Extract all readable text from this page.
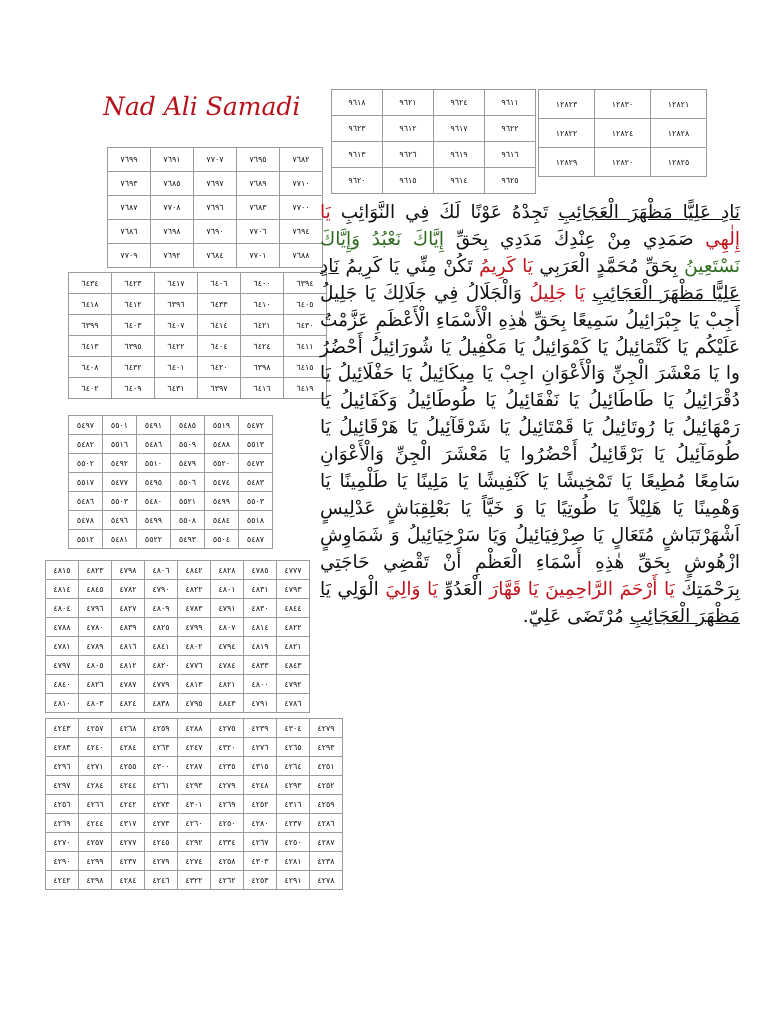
Nad Ali Samadi	٩٦١٨	٩٦٢١	٩٦٢٤	٩٦١١
٩٦٢٣	٩٦١٢	٩٦١٧	٩٦٢٢
٩٦١٣	٩٦٢٦	٩٦١٩	٩٦١٦
٩٦٢٠	٩٦١٥	٩٦١٤	٩٦٢٥
١٢٨٢٣	١٢٨٣٠	١٢٨٢١
١٢٨٢٢	١٢٨٢٤	١٢٨٢٨
١٢٨٢٩	١٢٨٢٠	١٢٨٢٥
٧٦٩٩	٧٦٩١	٧٧٠٧	٧٦٩٥	٧٦٨٢
٧٦٩٣	٧٦٨٥	٧٦٩٧	٧٦٨٩	٧٧١٠
٧٦٨٧	٧٧٠٨	٧٦٩٦	٧٦٨٣	٧٧٠٠
٧٦٨٦	٧٦٩٨	٧٦٩٠	٧٧٠٦	٧٦٩٤
٧٧٠٩	٧٦٩٢	٧٦٨٤	٧٧٠١	٧٦٨٨
٦٤٣٤	٦٤٢٣	٦٤١٧	٦٤٠٦	٦٤٠٠	٦٣٩٤
٦٤١٨	٦٤١٢	٦٣٩٦	٦٤٣٣	٦٤١٠	٦٤٠٥
٦٣٩٩	٦٤٠٣	٦٤٠٧	٦٤١٤	٦٤٢١	٦٤٣٠
٦٤١٣	٦٣٩٥	٦٤٢٢	٦٤٠٤	٦٤٢٤	٦٤١١
٦٤٠٨	٦٤٣٢	٦٤٠١	٦٤٢٠	٦٣٩٨	٦٤١٥
٦٤٠٢	٦٤٠٩	٦٤٣١	٦٣٩٧	٦٤١٦	٦٤١٩
٥٤٩٧	٥٥٠١	٥٤٩١	٥٤٨٥	٥٥١٩	٥٤٧٢
٥٤٨٢	٥٥١٦	٥٤٨٦	٥٥٠٩	٥٤٨٨	٥٥١٣
٥٥٠٢	٥٤٩٢	٥٥١٠	٥٤٧٩	٥٥٢٠	٥٤٧٣
٥٥١٧	٥٤٧٧	٥٤٩٥	٥٥٠٦	٥٤٧٤	٥٤٨٣
٥٤٨٦	٥٥٠٣	٥٤٨٠	٥٥٢١	٥٤٩٩	٥٥٠٣
٥٤٧٨	٥٤٩٦	٥٤٩٩	٥٥٠٨	٥٤٨٤	٥٥١٨
٥٥١٢	٥٤٨١	٥٥٢٢	٥٤٩٣	٥٥٠٤	٥٤٨٧
٤٨١٥	٤٨٢٣	٤٧٩٨	٤٨٠٦	٤٨٤٢	٤٨٢٨	٤٧٨٥	٤٧٧٧
٤٨١٤	٤٨٤٥	٤٧٨٢	٤٧٩٠	٤٨٢٢	٤٨٠١	٤٨٣١	٤٧٩٣
٤٨٠٤	٤٧٩٦	٤٨٢٧	٤٨٠٩	٤٧٨٣	٤٧٩١	٤٨٣٠	٤٨٤٤
٤٧٨٨	٤٧٨٠	٤٨٣٩	٤٨٢٥	٤٧٩٩	٤٨٠٧	٤٨١٤	٤٨٢٢
٤٧٨١	٤٧٨٩	٤٨١٦	٤٨٤١	٤٨٠٢	٤٧٩٤	٤٨١٩	٤٨٢١
٤٧٩٧	٤٨٠٥	٤٨١٢	٤٨٢٠	٤٧٧٦	٤٧٨٤	٤٨٣٣	٤٨٤٣
٤٨٤٠	٤٨٢٦	٤٧٨٧	٤٧٧٩	٤٨١٣	٤٨٢١	٤٨٠٠	٤٧٩٢
٤٨١٠	٤٨٠٣	٤٨٢٤	٤٨٣٨	٤٧٩٥	٤٨٤٣	٤٧٩١	٤٧٨٦
٤٢٤٣	٤٢٥٧	٤٢٦٨	٤٢٥٩	٤٢٨٨	٤٢٧٥	٤٢٣٩	٤٣٠٤	٤٢٧٩
٤٢٨٣	٤٢٤٠	٤٢٨٤	٤٢٦٣	٤٢٤٧	٤٣٢٠	٤٢٧٦	٤٢٦٥	٤٢٩٣
٤٢٩٦	٤٢٧١	٤٢٥٥	٤٣٠٠	٤٢٨٧	٤٢٣٥	٤٣١٥	٤٢٦٤	٤٢٥١
٤٢٩٧	٤٢٨٤	٤٢٤٤	٤٢٦١	٤٢٩٣	٤٢٧٩	٤٢٤٨	٤٢٩٣	٤٢٥٢
٤٢٥٦	٤٢٦٦	٤٢٤٢	٤٢٧٣	٤٣٠١	٤٢٦٩	٤٢٥٢	٤٣١٦	٤٢٥٩
٤٢٦٩	٤٢٤٤	٤٣١٧	٤٢٧٣	٤٢٦٠	٤٢٥٠	٤٢٨٠	٤٢٣٧	٤٢٨٦
٤٢٧٠	٤٢٥٧	٤٢٧٧	٤٢٤٥	٤٢٩٢	٤٣٣٤	٤٢٦٧	٤٢٥٠	٤٢٨٧
٤٢٩٠	٤٢٩٩	٤٢٣٧	٤٢٧٩	٤٢٧٤	٤٢٥٨	٤٣٠٣	٤٢٨١	٤٢٣٨
٤٢٤٢	٤٢٩٨	٤٢٨٤	٤٢٤٦	٤٣٢٢	٤٢٦٢	٤٢٥٣	٤٢٩١	٤٢٧٨
نَادِ عَلِيًّا مَظْهَرَ الْعَجَائِبِ تَجِدْهُ عَوْنًا لَكَ فِي النَّوَائِبِ يَا إِلٰهِي صَمَدِي مِنْ عِنْدِكَ مَدَدِي بِحَقِّ إِيَّاكَ نَعْبُدُ وَإِيَّاكَ نَسْتَعِينُ بِحَقِّ مُحَمَّدٍ الْعَرَبِي يَا كَرِيمُ تَكُنْ مِنِّي يَا كَرِيمُ نَادِ عَلِيًّا مَظْهَرَ الْعَجَائِبِ يَا جَلِيلُ وَالْجَلَالُ فِي جَلَالِكَ يَا جَلِيلُ أَجِبْ يَا جِبْرَائِيلُ سَمِيعًا بِحَقِّ هٰذِهِ الْأَسْمَاءِ الْأَعْظَمِ عَزَّمْتُ عَلَيْكُم يَا كَتْمَائِيلُ يَا كَمْوَائِيلُ يَا مَكْفِيلُ يَا شُورَائِيلُ أَحْضُرُ وا يَا مَعْشَرَ الْجِنِّ وَالْأَعْوَانِ اجِبْ يَا مِيكَائِيلُ يَا حَفْلَائِيلُ يَا دُقْرَائِيلُ يَا طَاطَائِيلُ يَا نَفْقَائِيلُ يَا طُوطَائِيلُ وَكَفَائِيلُ يَا رَمْهَائِيلُ يَا رُوتَائِيلُ يَا قَمْتَائِيلُ يَا شَرْقَآئِيلُ يَا هَرْقَائِيلُ يَا طُومَآئِيلُ يَا بَرْقَائِيلُ أَحْضُرُوا يَا مَعْشَرَ الْجِنِّ وَالْأَعْوَانِ سَامِعًا مُطِيعًا يَا تَمْخِيشًا يَا كَنْفِيشًا يَا مَلِينًا يَا طَلْمِينًا يَا وَهْمِينًا يَا هَلِيْلاً يَا طُوتِيًا يَا وَ خَيَّاً يَا بَعْلِقِبَاشٍ عَدْلِيسٍ اَشْهَرْتَبَاشٍ مُتَعَالٍ يَا صِرْفِيَائِيلُ وَيَا سَرْخِيَائِيلُ وَ شَمَاوِشٍ ازْهُوشٍ بِحَقِّ هٰذِهِ أَسْمَاءِ الْعَظْمِ أَنْ تَقْضِي حَاجَتِي بِرَحْمَتِكَ يَا أَرْحَمَ الرَّاحِمِينَ يَا قَهَّارَ الْعَدُوِّ يَا وَالِيَ الْوَلِي يَا مَظْهَرَ الْعَجَائِبِ مُرْتَضَى عَلِيّ.
